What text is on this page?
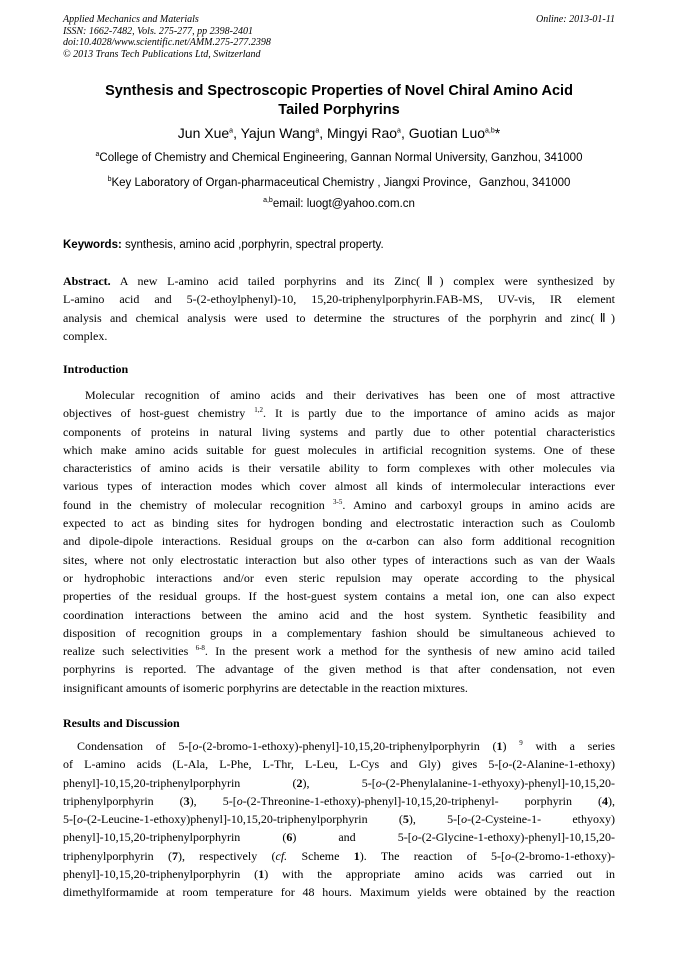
Applied Mechanics and Materials
ISSN: 1662-7482, Vols. 275-277, pp 2398-2401
doi:10.4028/www.scientific.net/AMM.275-277.2398
© 2013 Trans Tech Publications Ltd, Switzerland
Online: 2013-01-11
Synthesis and Spectroscopic Properties of Novel Chiral Amino Acid
Tailed Porphyrins
Jun Xue$^a$, Yajun Wang$^a$, Mingyi Rao$^a$, Guotian Luo$^{a,b}$*
$^a$College of Chemistry and Chemical Engineering, Gannan Normal University, Ganzhou, 341000
$^b$Key Laboratory of Organ-pharmaceutical Chemistry , Jiangxi Province，Ganzhou, 341000
$^{a,b}$email: luogt@yahoo.com.cn
Keywords: synthesis, amino acid ,porphyrin, spectral property.
Abstract. A new L-amino acid tailed porphyrins and its Zinc(Ⅱ) complex were synthesized by
L-amino acid and 5-(2-ethoylphenyl)-10, 15,20-triphenylporphyrin.FAB-MS, UV-vis, IR element
analysis and chemical analysis were used to determine the structures of the porphyrin and zinc(Ⅱ)
complex.
Introduction
Molecular recognition of amino acids and their derivatives has been one of most attractive
objectives of host-guest chemistry $^{1,2}$. It is partly due to the importance of amino acids as major
components of proteins in natural living systems and partly due to other potential characteristics
which make amino acids suitable for guest molecules in artificial recognition systems. One of these
characteristics of amino acids is their versatile ability to form complexes with other molecules via
various types of interaction modes which cover almost all kinds of intermolecular interactions ever
found in the chemistry of molecular recognition $^{3-5}$. Amino and carboxyl groups in amino acids are
expected to act as binding sites for hydrogen bonding and electrostatic interaction such as Coulomb
and dipole-dipole interactions. Residual groups on the α-carbon can also form additional recognition
sites, where not only electrostatic interaction but also other types of interactions such as van der Waals
or hydrophobic interactions and/or even steric repulsion may operate according to the physical
properties of the residual groups. If the host-guest system contains a metal ion, one can also expect
coordination interactions between the amino acid and the host system. Synthetic feasibility and
disposition of recognition groups in a complementary fashion should be simultaneous achieved to
realize such selectivities $^{6-8}$. In the present work a method for the synthesis of new amino acid tailed
porphyrins is reported. The advantage of the given method is that after condensation, not even
insignificant amounts of isomeric porphyrins are detectable in the reaction mixtures.
Results and Discussion
Condensation of 5-[o-(2-bromo-1-ethoxy)-phenyl]-10,15,20-triphenylporphyrin (1) $^9$ with a series
of L-amino acids (L-Ala, L-Phe, L-Thr, L-Leu, L-Cys and Gly) gives 5-[o-(2-Alanine-1-ethoxy)
phenyl]-10,15,20-triphenylporphyrin (2), 5-[o-(2-Phenylalanine-1-ethyoxy)-phenyl]-10,15,20-
triphenylporphyrin (3), 5-[o-(2-Threonine-1-ethoxy)-phenyl]-10,15,20-triphenyl- porphyrin (4),
5-[o-(2-Leucine-1-ethoxy)phenyl]-10,15,20-triphenylporphyrin (5), 5-[o-(2-Cysteine-1- ethyoxy)
phenyl]-10,15,20-triphenylporphyrin (6) and 5-[o-(2-Glycine-1-ethoxy)-phenyl]-10,15,20-
triphenylporphyrin (7), respectively (cf. Scheme 1). The reaction of 5-[o-(2-bromo-1-ethoxy)-
phenyl]-10,15,20-triphenylporphyrin (1) with the appropriate amino acids was carried out in
dimethylformamide at room temperature for 48 hours. Maximum yields were obtained by the reaction
